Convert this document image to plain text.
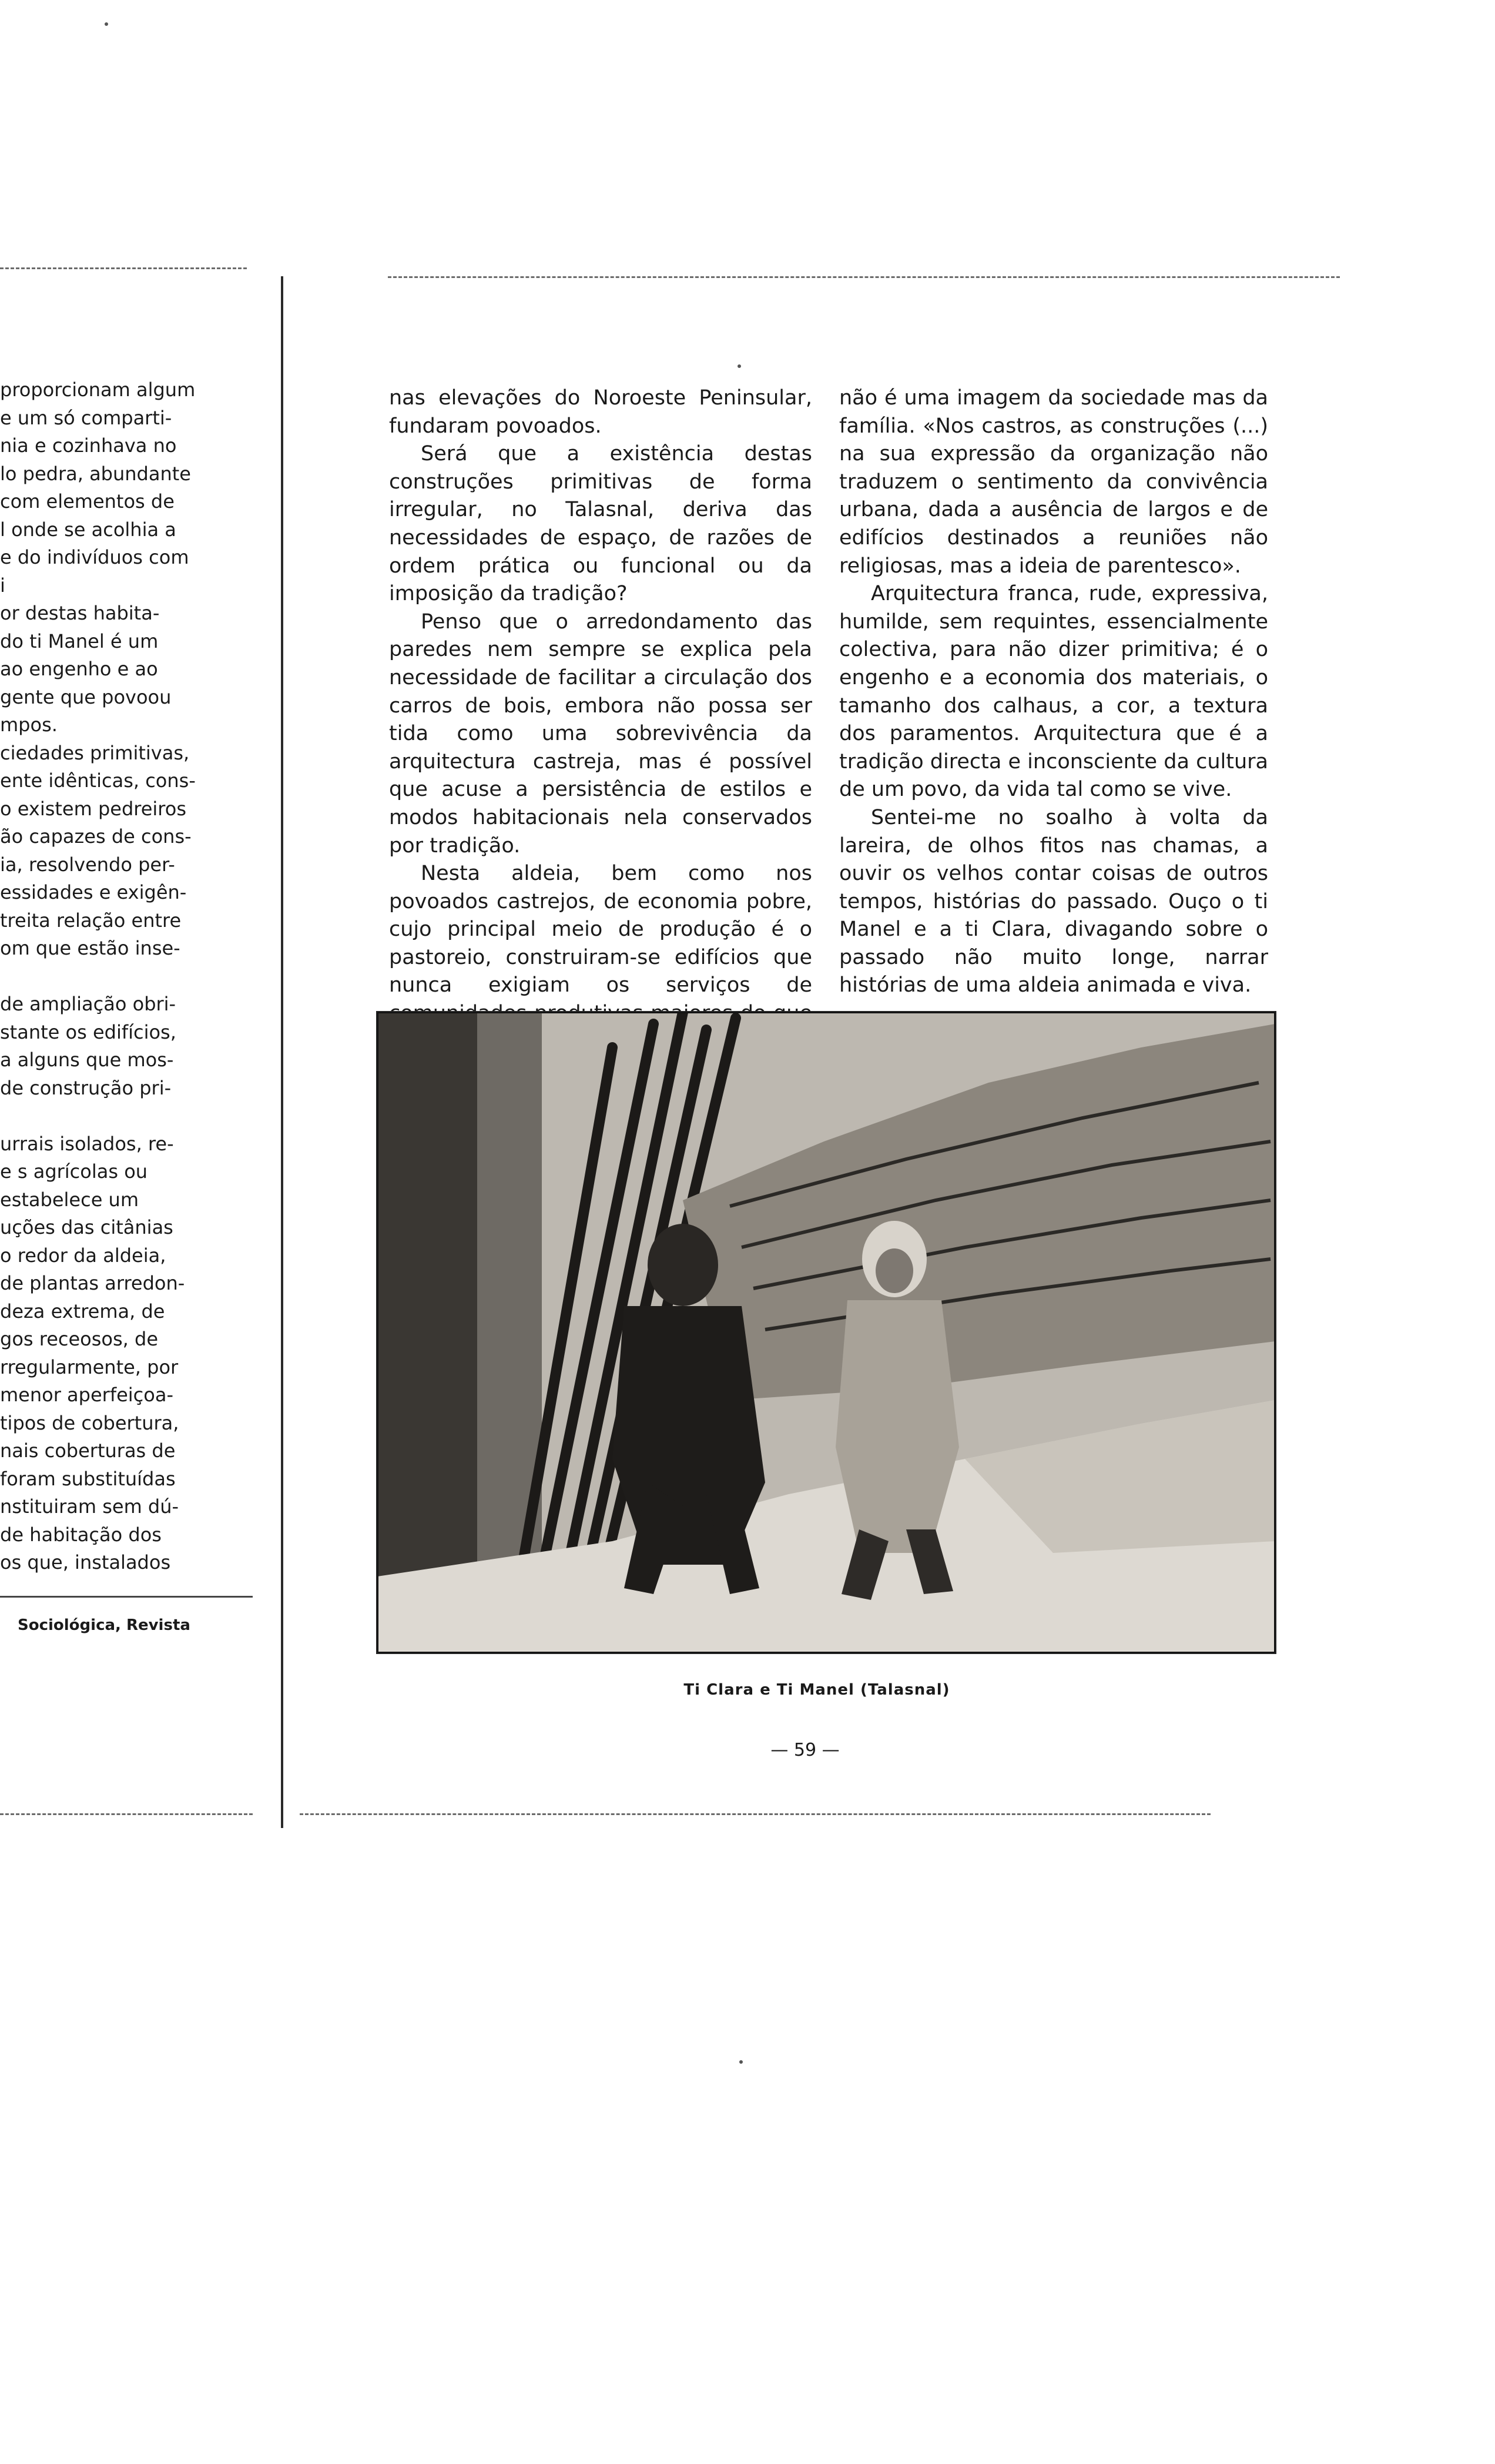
proporcionam algum
e um só comparti-
nia e cozinhava no
lo pedra, abundante
com elementos de
l onde se acolhia a
e do indivíduos com
i
or destas habita-
do ti Manel é um
ao engenho e ao
gente que povoou
mpos.
ciedades primitivas,
ente idênticas, cons-
o existem pedreiros
ão capazes de cons-
ia, resolvendo per-
essidades e exigên-
treita relação entre
om que estão inse-

de ampliação obri-
stante os edifícios,
a alguns que mos-
de construção pri-

urrais isolados, re-
e s agrícolas ou
estabelece um
uções das citânias
o redor da aldeia,
de plantas arredon-
deza extrema, de
gos receosos, de
rregularmente, por
menor aperfeiçoa-
tipos de cobertura,
nais coberturas de
foram substituídas
nstituiram sem dú-
de habitação dos
os que, instalados
Sociológica, Revista

nas elevações do Noroeste Peninsular, fundaram povoados.

Será que a existência destas construções primitivas de forma irregular, no Talasnal, deriva das necessidades de espaço, de razões de ordem prática ou funcional ou da imposição da tradição?

Penso que o arredondamento das paredes nem sempre se explica pela necessidade de facilitar a circulação dos carros de bois, embora não possa ser tida como uma sobrevivência da arquitectura castreja, mas é possível que acuse a persistência de estilos e modos habitacionais nela conservados por tradição.

Nesta aldeia, bem como nos povoados castrejos, de economia pobre, cujo principal meio de produção é o pastoreio, construiram-se edifícios que nunca exigiam os serviços de

não é uma imagem da sociedade mas da família. «Nos castros, as construções (...) na sua expressão da organização não traduzem o sentimento da convivência urbana, dada a ausência de largos e de edifícios destinados a reuniões não religiosas, mas a ideia de parentesco».

Arquitectura franca, rude, expressiva, humilde, sem requintes, essencialmente colectiva, para não dizer primitiva; é o engenho e a economia dos materiais, o tamanho dos calhaus, a cor, a textura dos paramentos. Arquitectura que é a tradição directa e inconsciente da cultura de um povo, da vida tal como se vive.

Sentei-me no soalho à volta da lareira, de olhos fitos nas chamas, a ouvir os velhos contar coisas de outros tempos, histórias do passado. Ouço o ti Manel e a ti Clara, divagando sobre o passado não muito longe, narrar histórias de uma aldeia animada e viva.

Ti Clara e Ti Manel (Talasnal)
— 59 —
